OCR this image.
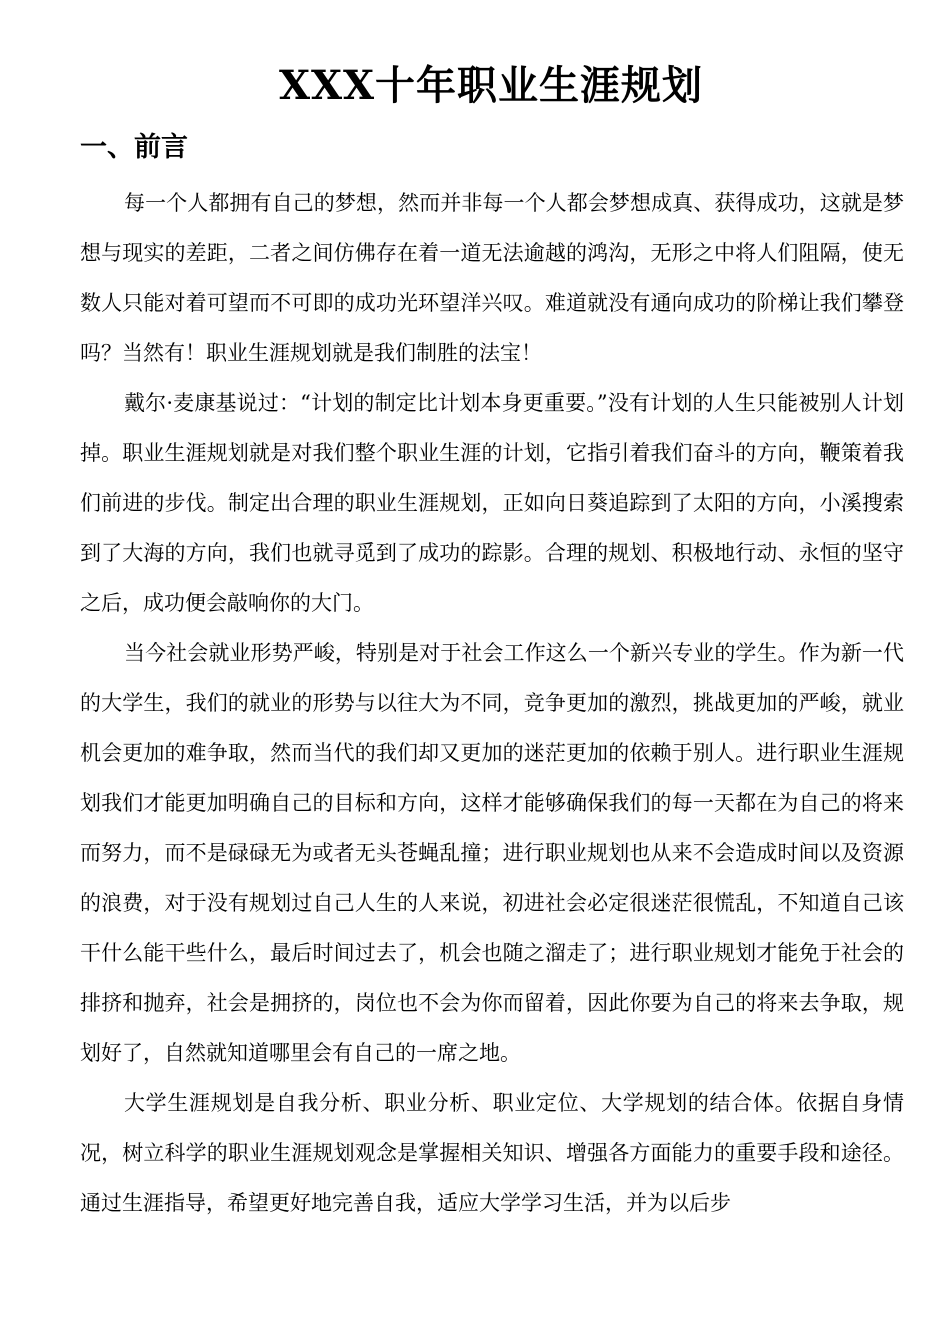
XXX十年职业生涯规划
一、前言

每一个人都拥有自己的梦想，然而并非每一个人都会梦想成真、获得成功，这就是梦想与现实的差距，二者之间仿佛存在着一道无法逾越的鸿沟，无形之中将人们阻隔，使无数人只能对着可望而不可即的成功光环望洋兴叹。难道就没有通向成功的阶梯让我们攀登吗？当然有！职业生涯规划就是我们制胜的法宝！

戴尔·麦康基说过：“计划的制定比计划本身更重要。”没有计划的人生只能被别人计划掉。职业生涯规划就是对我们整个职业生涯的计划，它指引着我们奋斗的方向，鞭策着我们前进的步伐。制定出合理的职业生涯规划，正如向日葵追踪到了太阳的方向，小溪搜索到了大海的方向，我们也就寻觅到了成功的踪影。合理的规划、积极地行动、永恒的坚守之后，成功便会敲响你的大门。

当今社会就业形势严峻，特别是对于社会工作这么一个新兴专业的学生。作为新一代的大学生，我们的就业的形势与以往大为不同，竞争更加的激烈，挑战更加的严峻，就业机会更加的难争取，然而当代的我们却又更加的迷茫更加的依赖于别人。进行职业生涯规划我们才能更加明确自己的目标和方向，这样才能够确保我们的每一天都在为自己的将来而努力，而不是碌碌无为或者无头苍蝇乱撞；进行职业规划也从来不会造成时间以及资源的浪费，对于没有规划过自己人生的人来说，初进社会必定很迷茫很慌乱，不知道自己该干什么能干些什么，最后时间过去了，机会也随之溜走了；进行职业规划才能免于社会的排挤和抛弃，社会是拥挤的，岗位也不会为你而留着，因此你要为自己的将来去争取，规划好了，自然就知道哪里会有自己的一席之地。

大学生涯规划是自我分析、职业分析、职业定位、大学规划的结合体。依据自身情况，树立科学的职业生涯规划观念是掌握相关知识、增强各方面能力的重要手段和途径。通过生涯指导，希望更好地完善自我，适应大学学习生活，并为以后步
